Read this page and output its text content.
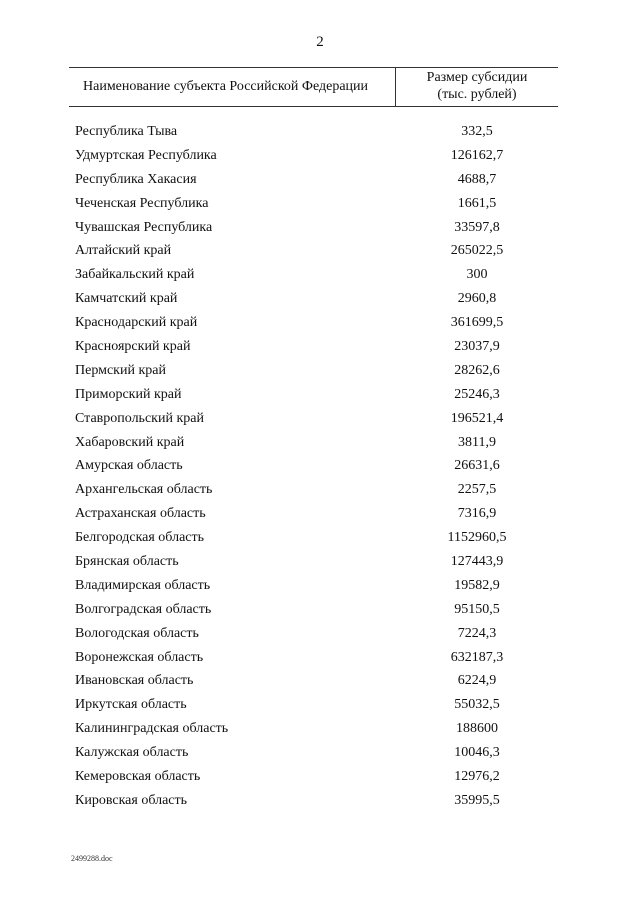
2
Наименование субъекта Российской Федерации
Размер субсидии
(тыс. рублей)
Республика Тыва	332,5
Удмуртская Республика	126162,7
Республика Хакасия	4688,7
Чеченская Республика	1661,5
Чувашская Республика	33597,8
Алтайский край	265022,5
Забайкальский край	300
Камчатский край	2960,8
Краснодарский край	361699,5
Красноярский край	23037,9
Пермский край	28262,6
Приморский край	25246,3
Ставропольский край	196521,4
Хабаровский край	3811,9
Амурская область	26631,6
Архангельская область	2257,5
Астраханская область	7316,9
Белгородская область	1152960,5
Брянская область	127443,9
Владимирская область	19582,9
Волгоградская область	95150,5
Вологодская область	7224,3
Воронежская область	632187,3
Ивановская область	6224,9
Иркутская область	55032,5
Калининградская область	188600
Калужская область	10046,3
Кемеровская область	12976,2
Кировская область	35995,5
2499288.doc
